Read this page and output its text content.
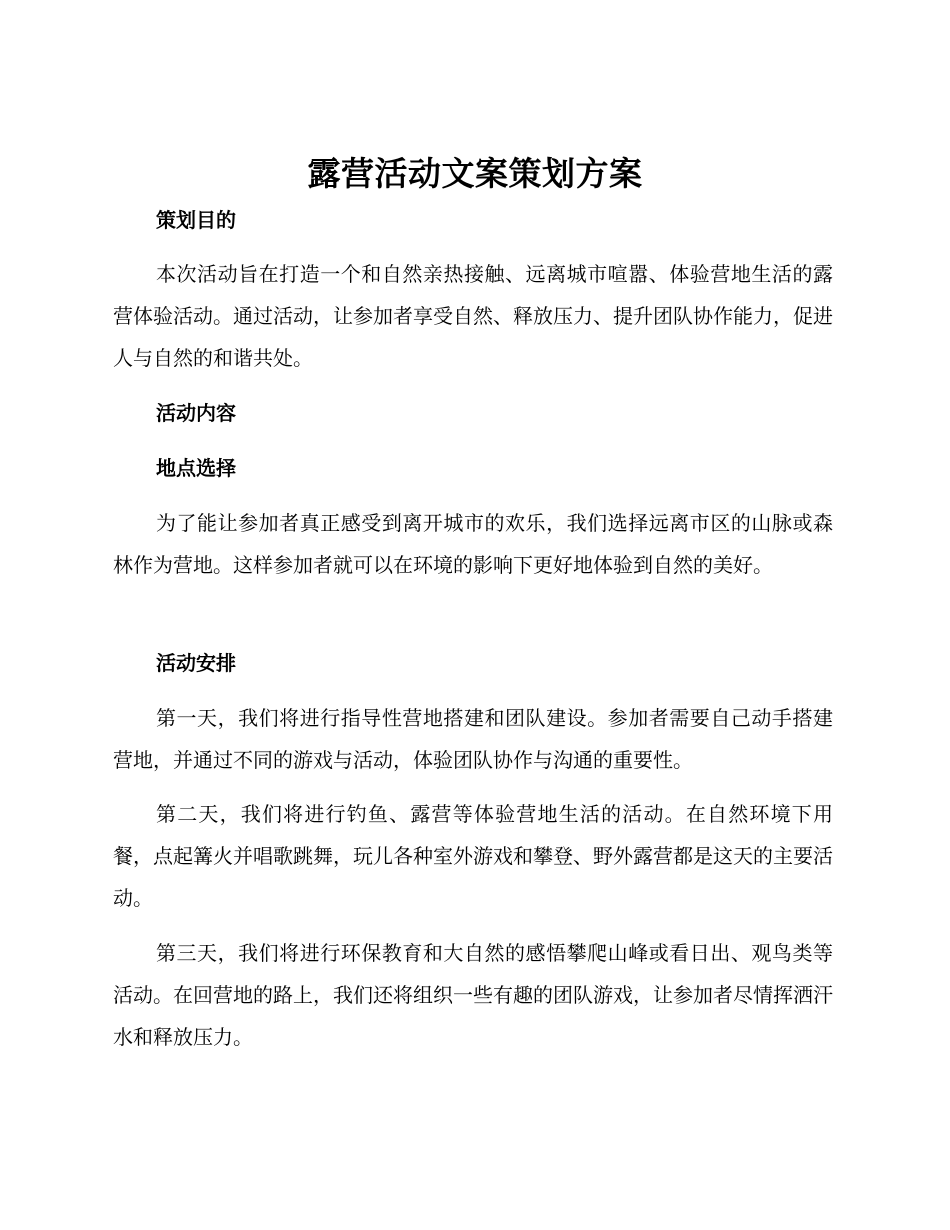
露营活动文案策划方案
策划目的

本次活动旨在打造一个和自然亲热接触、远离城市喧嚣、体验营地生活的露营体验活动。通过活动，让参加者享受自然、释放压力、提升团队协作能力，促进人与自然的和谐共处。

活动内容
地点选择

为了能让参加者真正感受到离开城市的欢乐，我们选择远离市区的山脉或森林作为营地。这样参加者就可以在环境的影响下更好地体验到自然的美好。

活动安排

第一天，我们将进行指导性营地搭建和团队建设。参加者需要自己动手搭建营地，并通过不同的游戏与活动，体验团队协作与沟通的重要性。

第二天，我们将进行钓鱼、露营等体验营地生活的活动。在自然环境下用餐，点起篝火并唱歌跳舞，玩儿各种室外游戏和攀登、野外露营都是这天的主要活动。

第三天，我们将进行环保教育和大自然的感悟攀爬山峰或看日出、观鸟类等活动。在回营地的路上，我们还将组织一些有趣的团队游戏，让参加者尽情挥洒汗水和释放压力。
